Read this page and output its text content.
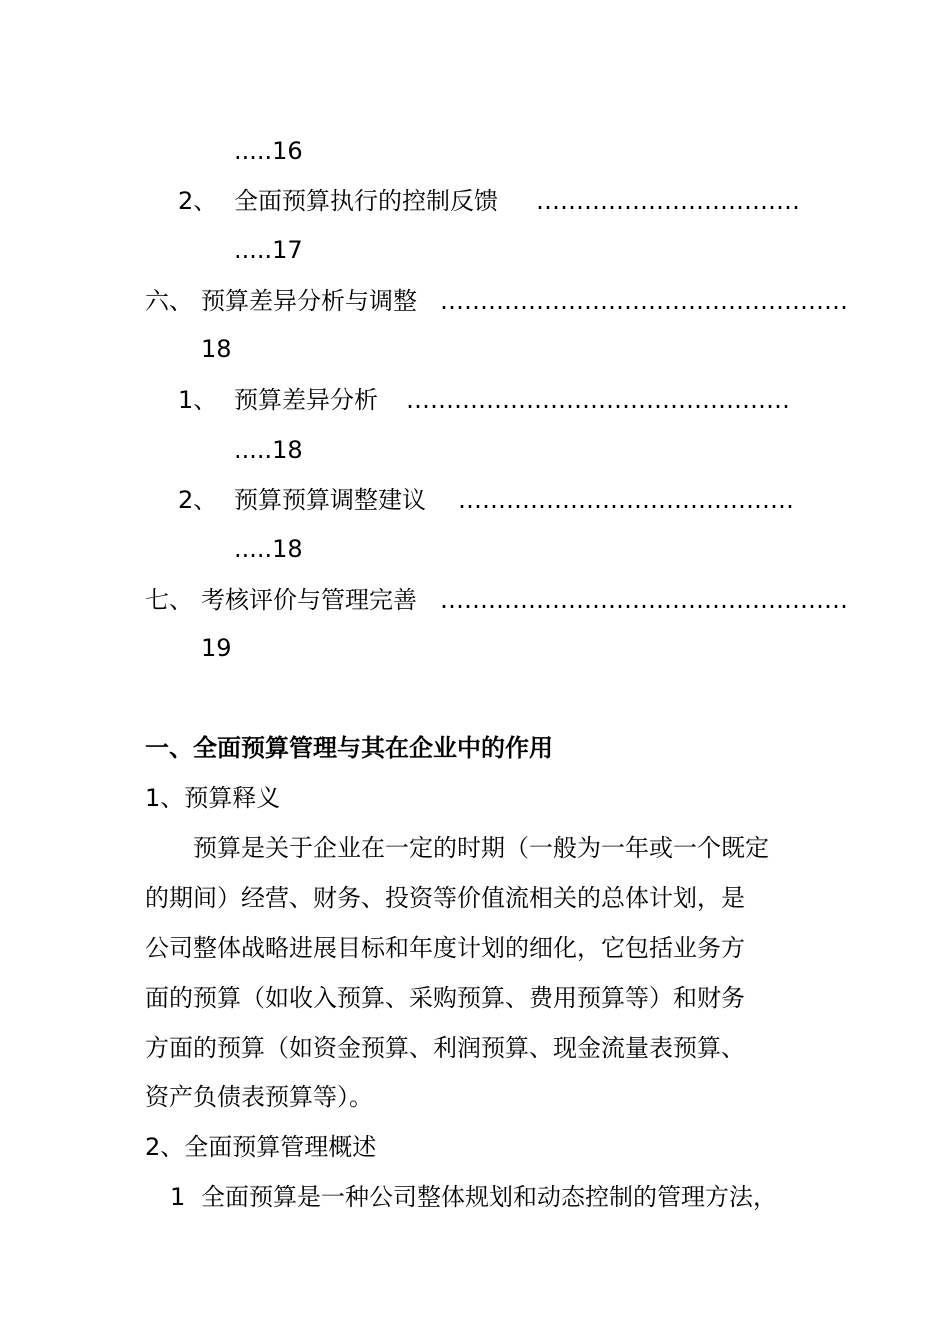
.....16
2、 全面预算执行的控制反馈 ……………………………
.....17
六、 预算差异分析与调整 ……………………………………………
18
1、 预算差异分析 …………………………………………
.....18
2、 预算预算调整建议 ……………………………………
.....18
七、 考核评价与管理完善 ……………………………………………
19
一、全面预算管理与其在企业中的作用
1、预算释义
预算是关于企业在一定的时期（一般为一年或一个既定
的期间）经营、财务、投资等价值流相关的总体计划，是
公司整体战略进展目标和年度计划的细化，它包括业务方
面的预算（如收入预算、采购预算、费用预算等）和财务
方面的预算（如资金预算、利润预算、现金流量表预算、
资产负债表预算等）。
2、全面预算管理概述
1 全面预算是一种公司整体规划和动态控制的管理方法，
